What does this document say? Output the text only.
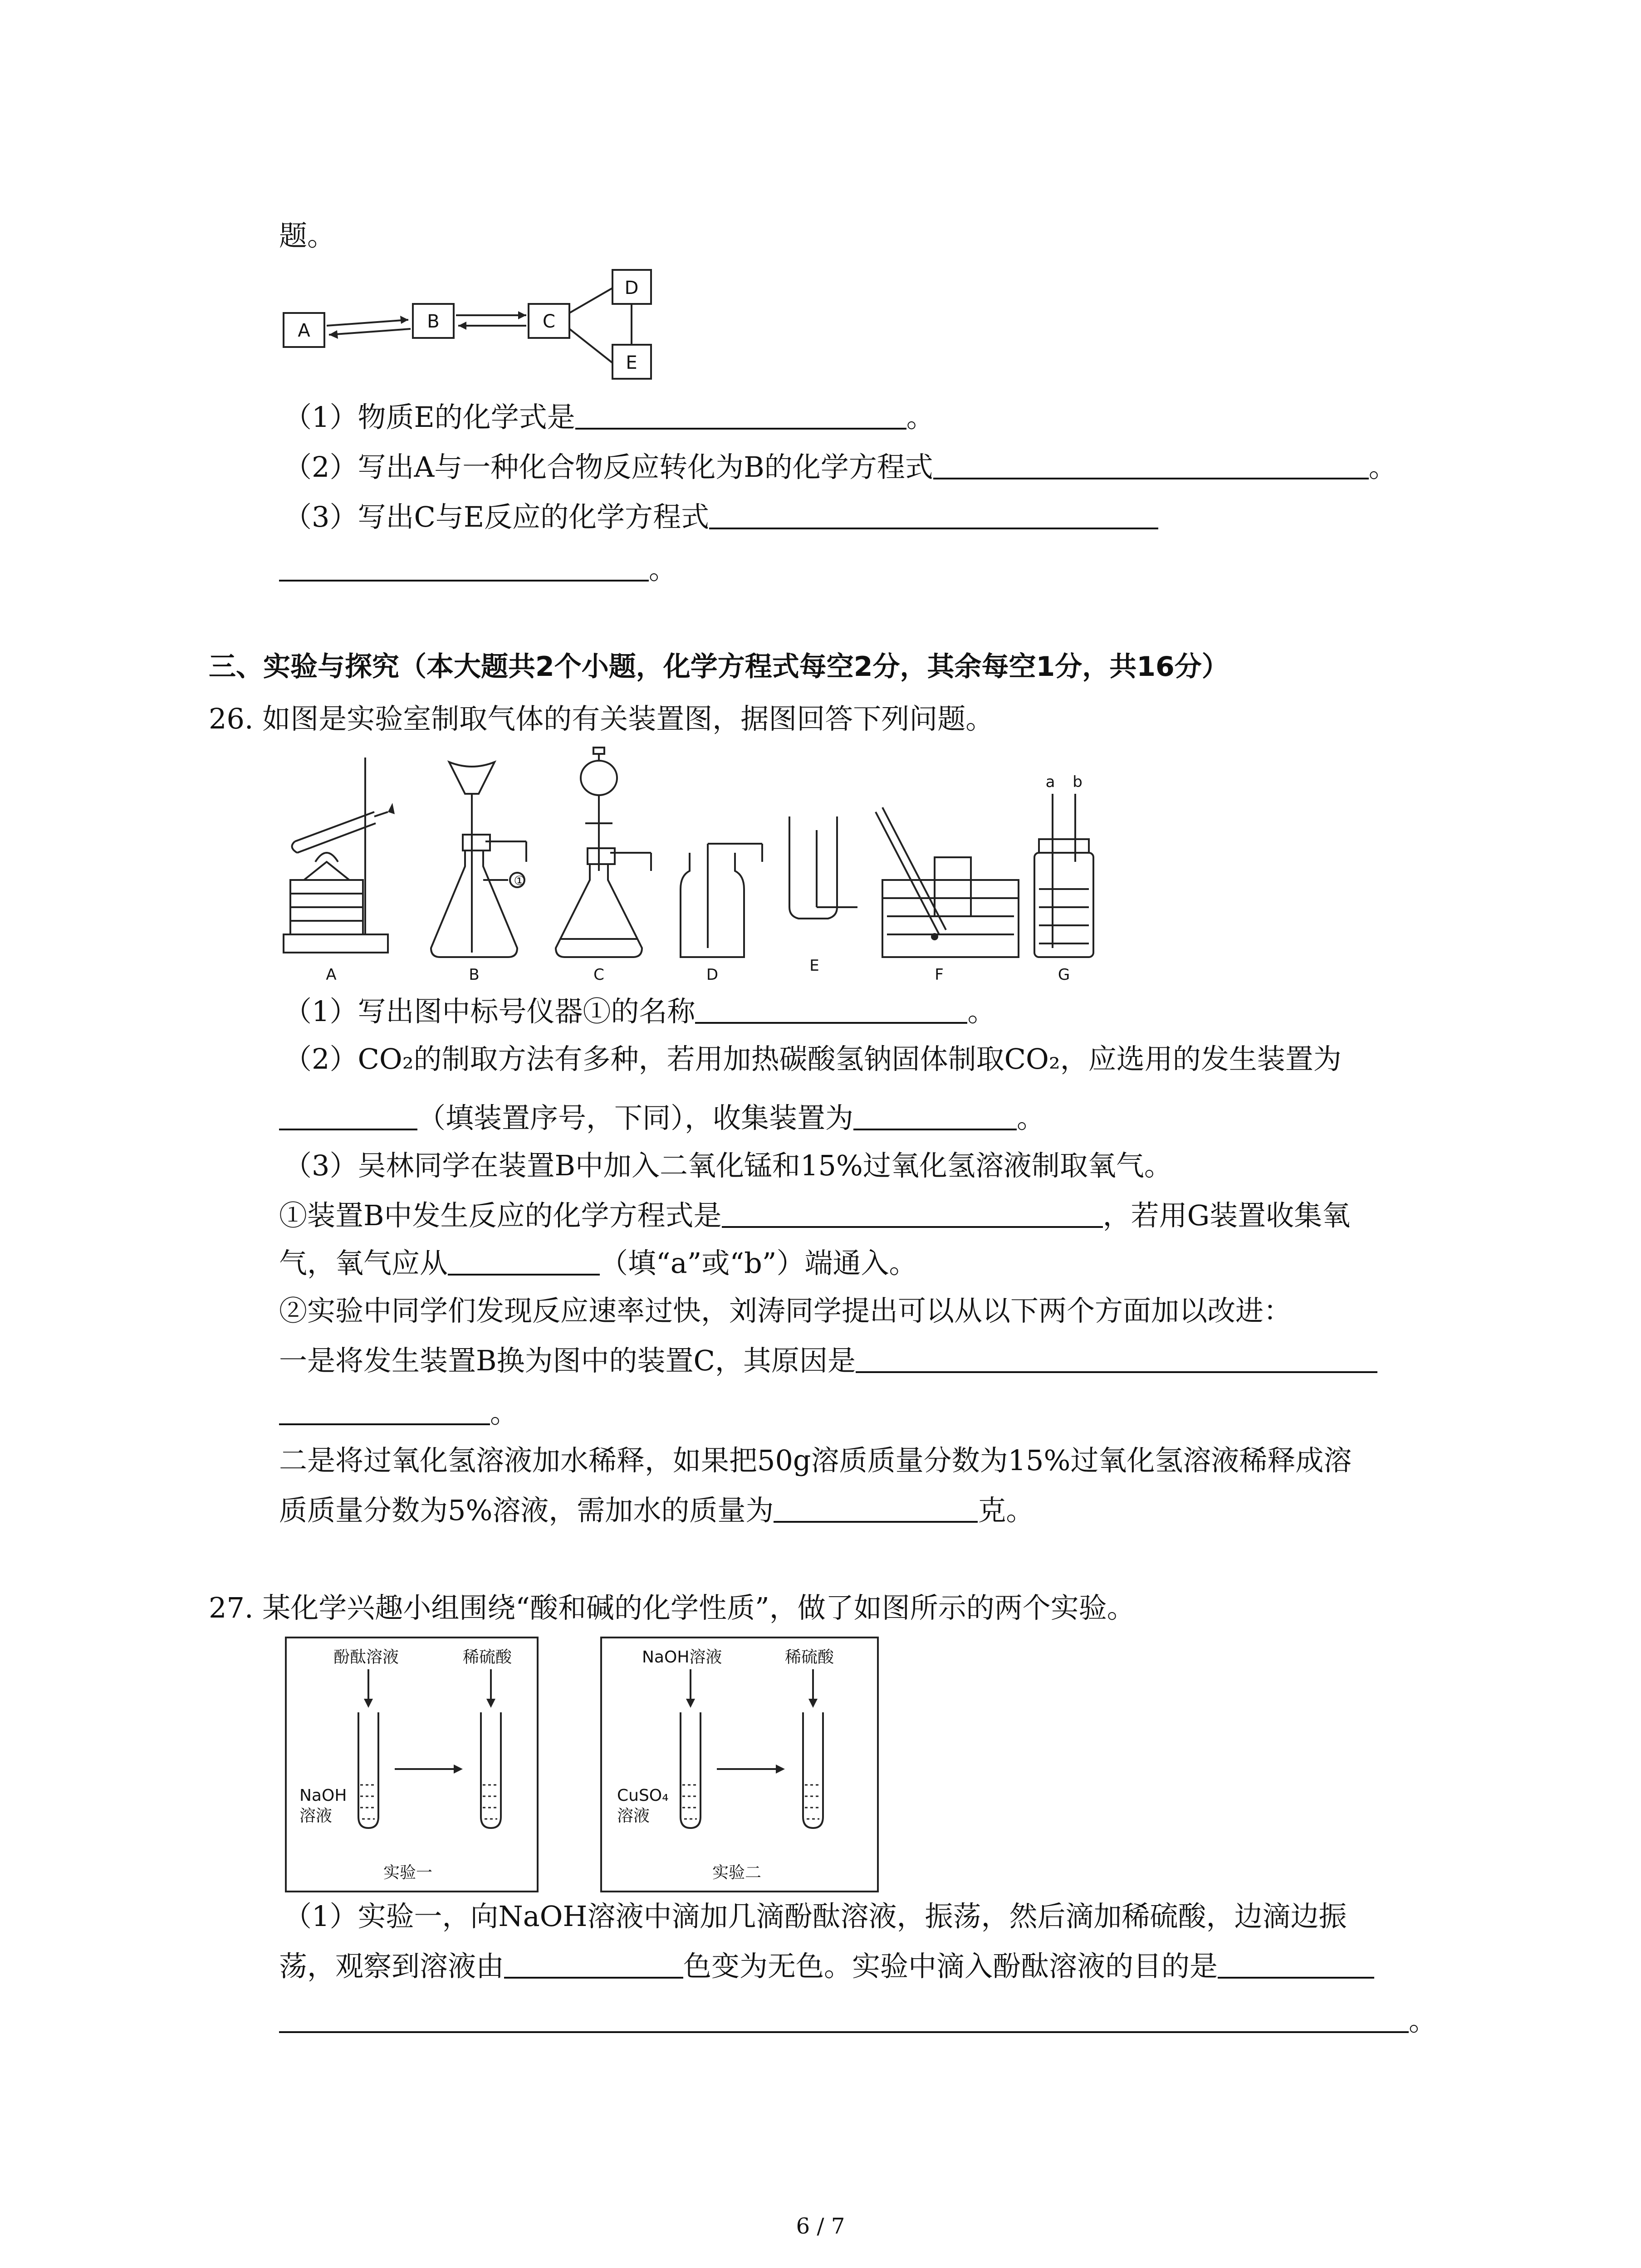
题。
A	B	C
D
E
（1）物质E的化学式是	。
（2）写出A与一种化合物反应转化为B的化学方程式	。
（3）写出C与E反应的化学方程式
。
三、实验与探究（本大题共2个小题，化学方程式每空2分，其余每空1分，共16分）
26. 如图是实验室制取气体的有关装置图，据图回答下列问题。
①
a b
A	B	C	D	E	F	G
（1）写出图中标号仪器①的名称	。
（2）CO₂的制取方法有多种，若用加热碳酸氢钠固体制取CO₂，应选用的发生装置为
（填装置序号，下同），收集装置为	。
（3）吴林同学在装置B中加入二氧化锰和15%过氧化氢溶液制取氧气。
①装置B中发生反应的化学方程式是	，若用G装置收集氧
气，氧气应从	（填“a”或“b”）端通入。
②实验中同学们发现反应速率过快，刘涛同学提出可以从以下两个方面加以改进：
一是将发生装置B换为图中的装置C，其原因是
。
二是将过氧化氢溶液加水稀释，如果把50g溶质质量分数为15%过氧化氢溶液稀释成溶
质质量分数为5%溶液，需加水的质量为	克。
27. 某化学兴趣小组围绕“酸和碱的化学性质”，做了如图所示的两个实验。
酚酞溶液	稀硫酸
NaOH
溶液
实验一
NaOH溶液	稀硫酸
CuSO₄
溶液
实验二
（1）实验一，向NaOH溶液中滴加几滴酚酞溶液，振荡，然后滴加稀硫酸，边滴边振
荡，观察到溶液由	色变为无色。实验中滴入酚酞溶液的目的是
。
6 / 7
